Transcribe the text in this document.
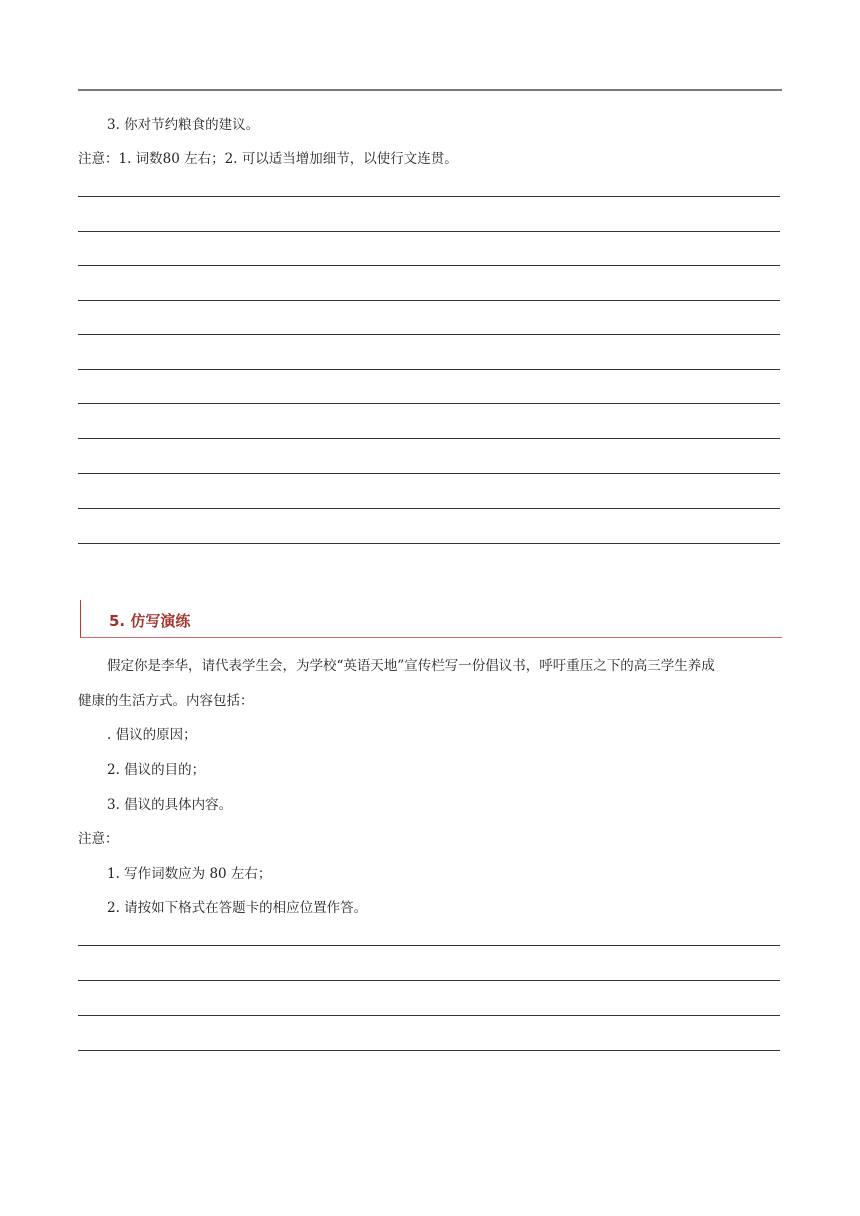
3. 你对节约粮食的建议。
注意：1. 词数80 左右；2. 可以适当增加细节，以使行文连贯。
5. 仿写演练
假定你是李华，请代表学生会，为学校“英语天地”宣传栏写一份倡议书，呼吁重压之下的高三学生养成
健康的生活方式。内容包括：
. 倡议的原因；
2. 倡议的目的；
3. 倡议的具体内容。
注意：
1. 写作词数应为 80 左右；
2. 请按如下格式在答题卡的相应位置作答。
